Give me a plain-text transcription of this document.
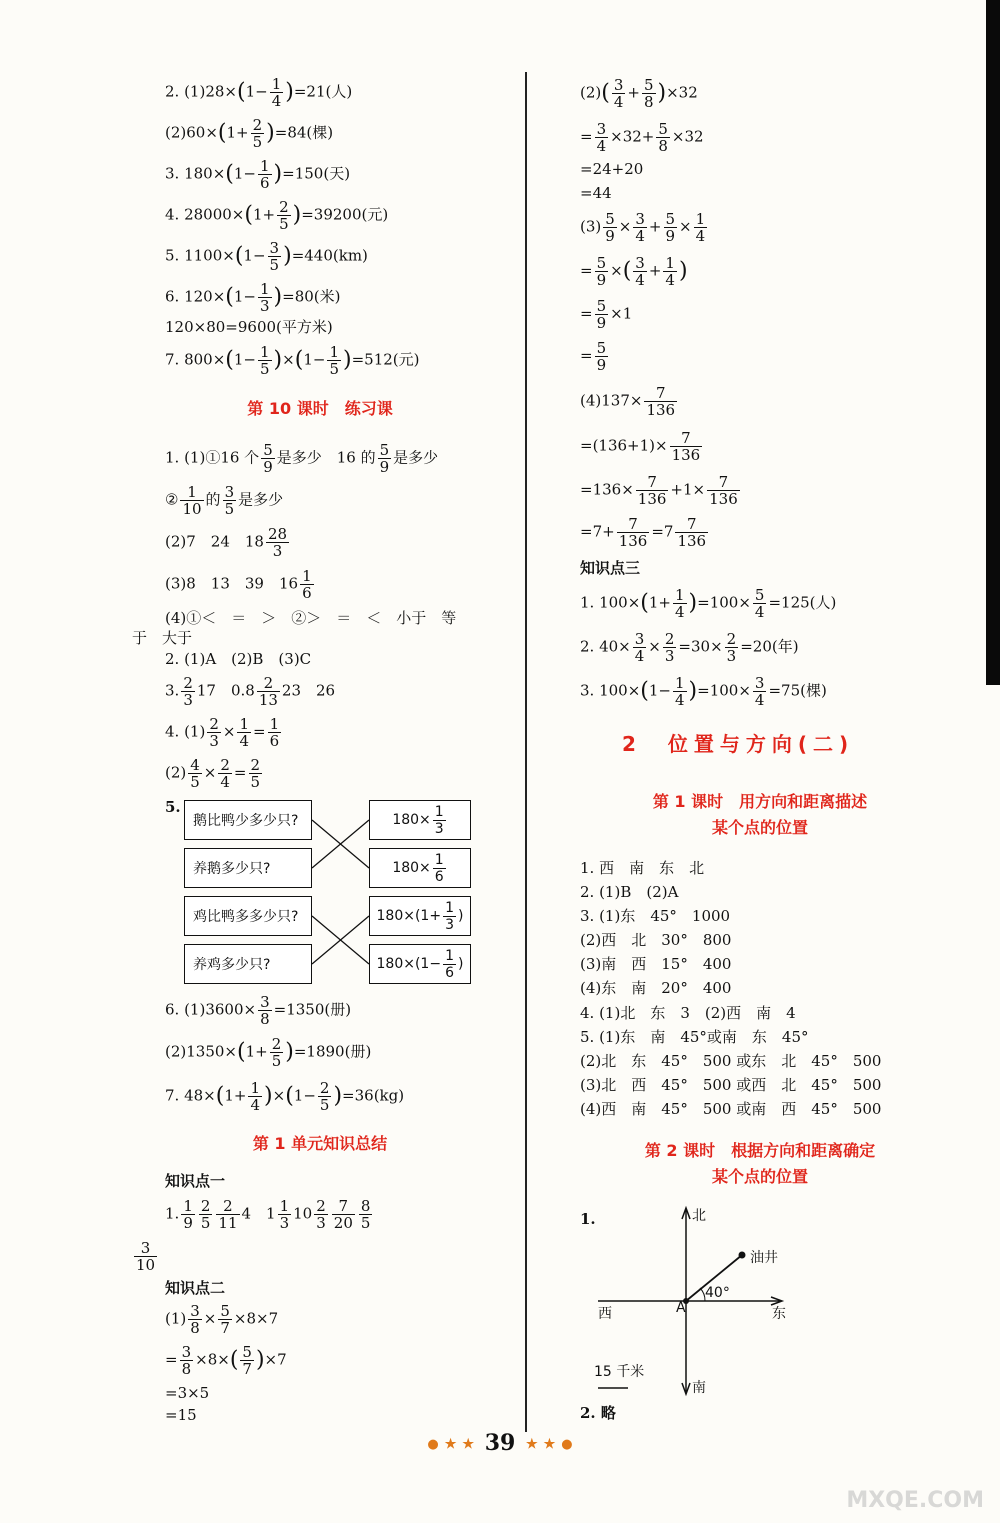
2. $(1)28\times(1- \frac{1}{4} )=21$(人)
$(2)60\times(1+ \frac{2}{5} )=84$(棵)
3. $180\times(1- \frac{1}{6} )=150$(天)
4. $28000\times(1+ \frac{2}{5} )=39200$(元)
5. $1100\times(1- \frac{3}{5} )=440(km)$
6. $120\times(1- \frac{1}{3} )=80$(米)
120×80=9600(平方米)
7. $800\times(1- \frac{1}{5} )\times(1- \frac{1}{5} )=512$(元)
第 10 课时　练习课
1. (1)①16 个 $\frac{5}{9}$ 是多少　16 的 $\frac{5}{9}$ 是多少
② $\frac{1}{10}$ 的 $\frac{3}{5}$ 是多少
(2)7　24　$18 \frac{28}{3}$
(3)8　13　39　$16 \frac{1}{6}$
(4)①＜　＝　＞　②＞　＝　＜　小于　等
于　大于
2. (1)A　(2)B　(3)C
3. $\frac{2}{3} 17$　$0.8 \frac{2}{13} 23$　26
4. $(1) \frac{2}{3} \times \frac{1}{4} = \frac{1}{6}$
$(2) \frac{4}{5} \times \frac{2}{4} = \frac{2}{5}$
5.
鹅比鸭少多少只?
养鹅多少只?
鸡比鸭多多少只?
养鸡多少只?
$180\times \frac{1}{3}$
$180\times \frac{1}{6}$
$180\times(1+ \frac{1}{3}$ )
$180\times(1- \frac{1}{6}$ )
6. $(1)3600\times \frac{3}{8} =1350$(册)
$(2)1350\times(1+ \frac{2}{5} )=1890$(册)
7. $48\times(1+ \frac{1}{4} )\times(1- \frac{2}{5} )=36(kg)$
第 1 单元知识总结
知识点一
1. $\frac{1}{9} \frac{2}{5} \frac{2}{11} 4$　$1 \frac{1}{3} 10 \frac{2}{3} \frac{7}{20} \frac{8}{5}$
$\frac{3}{10}$
知识点二
$(1) \frac{3}{8} \times \frac{5}{7} \times 8\times 7$
= $\frac{3}{8} \times 8\times( \frac{5}{7} )\times 7$
=3×5
=15
$(2)( \frac{3}{4} + \frac{5}{8} )\times 32$
= $\frac{3}{4} \times 32+ \frac{5}{8} \times 32$
=24+20
=44
$(3) \frac{5}{9} \times \frac{3}{4} + \frac{5}{9} \times \frac{1}{4}$
= $\frac{5}{9}$ ×( $\frac{3}{4} + \frac{1}{4}$ )
= $\frac{5}{9} \times 1$
= $\frac{5}{9}$
$(4)137\times \frac{7}{136}$
$=(136+1)\times \frac{7}{136}$
$=136\times \frac{7}{136} +1\times \frac{7}{136}$
$=7+ \frac{7}{136} =7 \frac{7}{136}$
知识点三
1. $100\times(1+ \frac{1}{4} )=100\times \frac{5}{4} =125$(人)
2. $40\times \frac{3}{4} \times \frac{2}{3} =30\times \frac{2}{3} =20$(年)
3. $100\times(1- \frac{1}{4} )=100\times \frac{3}{4} =75$(棵)
2　位置与方向(二)
第 1 课时　用方向和距离描述
某个点的位置
1. 西　南　东　北
2. (1)B　(2)A
3. (1)东　45°　1000
(2)西　北　30°　800
(3)南　西　15°　400
(4)东　南　20°　400
4. (1)北　东　3　(2)西　南　4
5. (1)东　南　45°或南　东　45°
(2)北　东　45°　500 或东　北　45°　500
(3)北　西　45°　500 或西　北　45°　500
(4)西　南　45°　500 或南　西　45°　500
第 2 课时　根据方向和距离确定
某个点的位置
1.	北
南
东
西	A
油井
40°
15 千米
2. 略
● ★ ★ 39 ★ ★ ●
MXQE.COM
